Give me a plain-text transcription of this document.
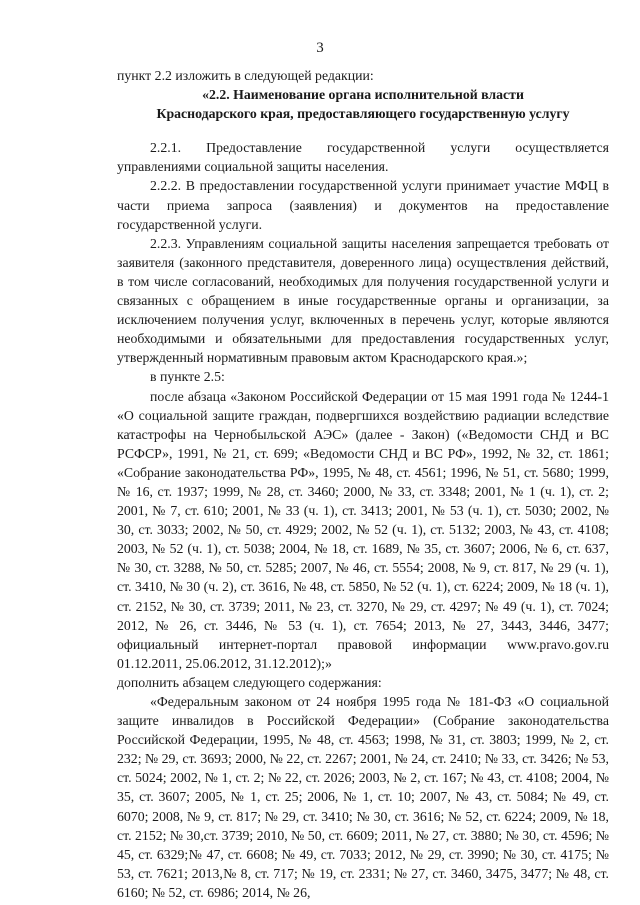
3

пункт 2.2 изложить в следующей редакции:

«2.2. Наименование органа исполнительной власти

Краснодарского края, предоставляющего государственную услугу

2.2.1. Предоставление государственной услуги осуществляется управлениями социальной защиты населения.

2.2.2. В предоставлении государственной услуги принимает участие МФЦ в части приема запроса (заявления) и документов на предоставление государственной услуги.

2.2.3. Управлениям социальной защиты населения запрещается требовать от заявителя (законного представителя, доверенного лица) осуществления действий, в том числе согласований, необходимых для получения государственной услуги и связанных с обращением в иные государственные органы и организации, за исключением получения услуг, включенных в перечень услуг, которые являются необходимыми и обязательными для предоставления государственных услуг, утвержденный нормативным правовым актом Краснодарского края.»;

в пункте 2.5:

после абзаца «Законом Российской Федерации от 15 мая 1991 года № 1244-1 «О социальной защите граждан, подвергшихся воздействию радиации вследствие катастрофы на Чернобыльской АЭС» (далее - Закон) («Ведомости СНД и ВС РСФСР», 1991, № 21, ст. 699; «Ведомости СНД и ВС РФ», 1992, № 32, ст. 1861; «Собрание законодательства РФ», 1995, № 48, ст. 4561; 1996, № 51, ст. 5680; 1999, № 16, ст. 1937; 1999, № 28, ст. 3460; 2000, № 33, ст. 3348; 2001, № 1 (ч. 1), ст. 2; 2001, № 7, ст. 610; 2001, № 33 (ч. 1), ст. 3413; 2001, № 53 (ч. 1), ст. 5030; 2002, № 30, ст. 3033; 2002, № 50, ст. 4929; 2002, № 52 (ч. 1), ст. 5132; 2003, № 43, ст. 4108; 2003, № 52 (ч. 1), ст. 5038; 2004, № 18, ст. 1689, № 35, ст. 3607; 2006, № 6, ст. 637, № 30, ст. 3288, № 50, ст. 5285; 2007, № 46, ст. 5554; 2008, № 9, ст. 817, № 29 (ч. 1), ст. 3410, № 30 (ч. 2), ст. 3616, № 48, ст. 5850, № 52 (ч. 1), ст. 6224; 2009, № 18 (ч. 1), ст. 2152, № 30, ст. 3739; 2011, № 23, ст. 3270, № 29, ст. 4297; № 49 (ч. 1), ст. 7024; 2012, № 26, ст. 3446, № 53 (ч. 1), ст. 7654; 2013, № 27, 3443, 3446, 3477; официальный интернет-портал правовой информации www.pravo.gov.ru 01.12.2011, 25.06.2012, 31.12.2012);»

дополнить абзацем следующего содержания:

«Федеральным законом от 24 ноября 1995 года № 181-ФЗ «О социальной защите инвалидов в Российской Федерации» (Собрание законодательства Российской Федерации, 1995, № 48, ст. 4563; 1998, № 31, ст. 3803; 1999, № 2, ст. 232; № 29, ст. 3693; 2000, № 22, ст. 2267; 2001, № 24, ст. 2410; № 33, ст. 3426; № 53, ст. 5024; 2002, № 1, ст. 2; № 22, ст. 2026; 2003, № 2, ст. 167; № 43, ст. 4108; 2004, № 35, ст. 3607; 2005, № 1, ст. 25; 2006, № 1, ст. 10; 2007, № 43, ст. 5084; № 49, ст. 6070; 2008, № 9, ст. 817; № 29, ст. 3410; № 30, ст. 3616; № 52, ст. 6224; 2009, № 18, ст. 2152; № 30,ст. 3739; 2010, № 50, ст. 6609; 2011, № 27, ст. 3880; № 30, ст. 4596; № 45, ст. 6329;№ 47, ст. 6608; № 49, ст. 7033; 2012, № 29, ст. 3990; № 30, ст. 4175; № 53, ст. 7621; 2013,№ 8, ст. 717; № 19, ст. 2331; № 27, ст. 3460, 3475, 3477; № 48, ст. 6160; № 52, ст. 6986; 2014, № 26,
